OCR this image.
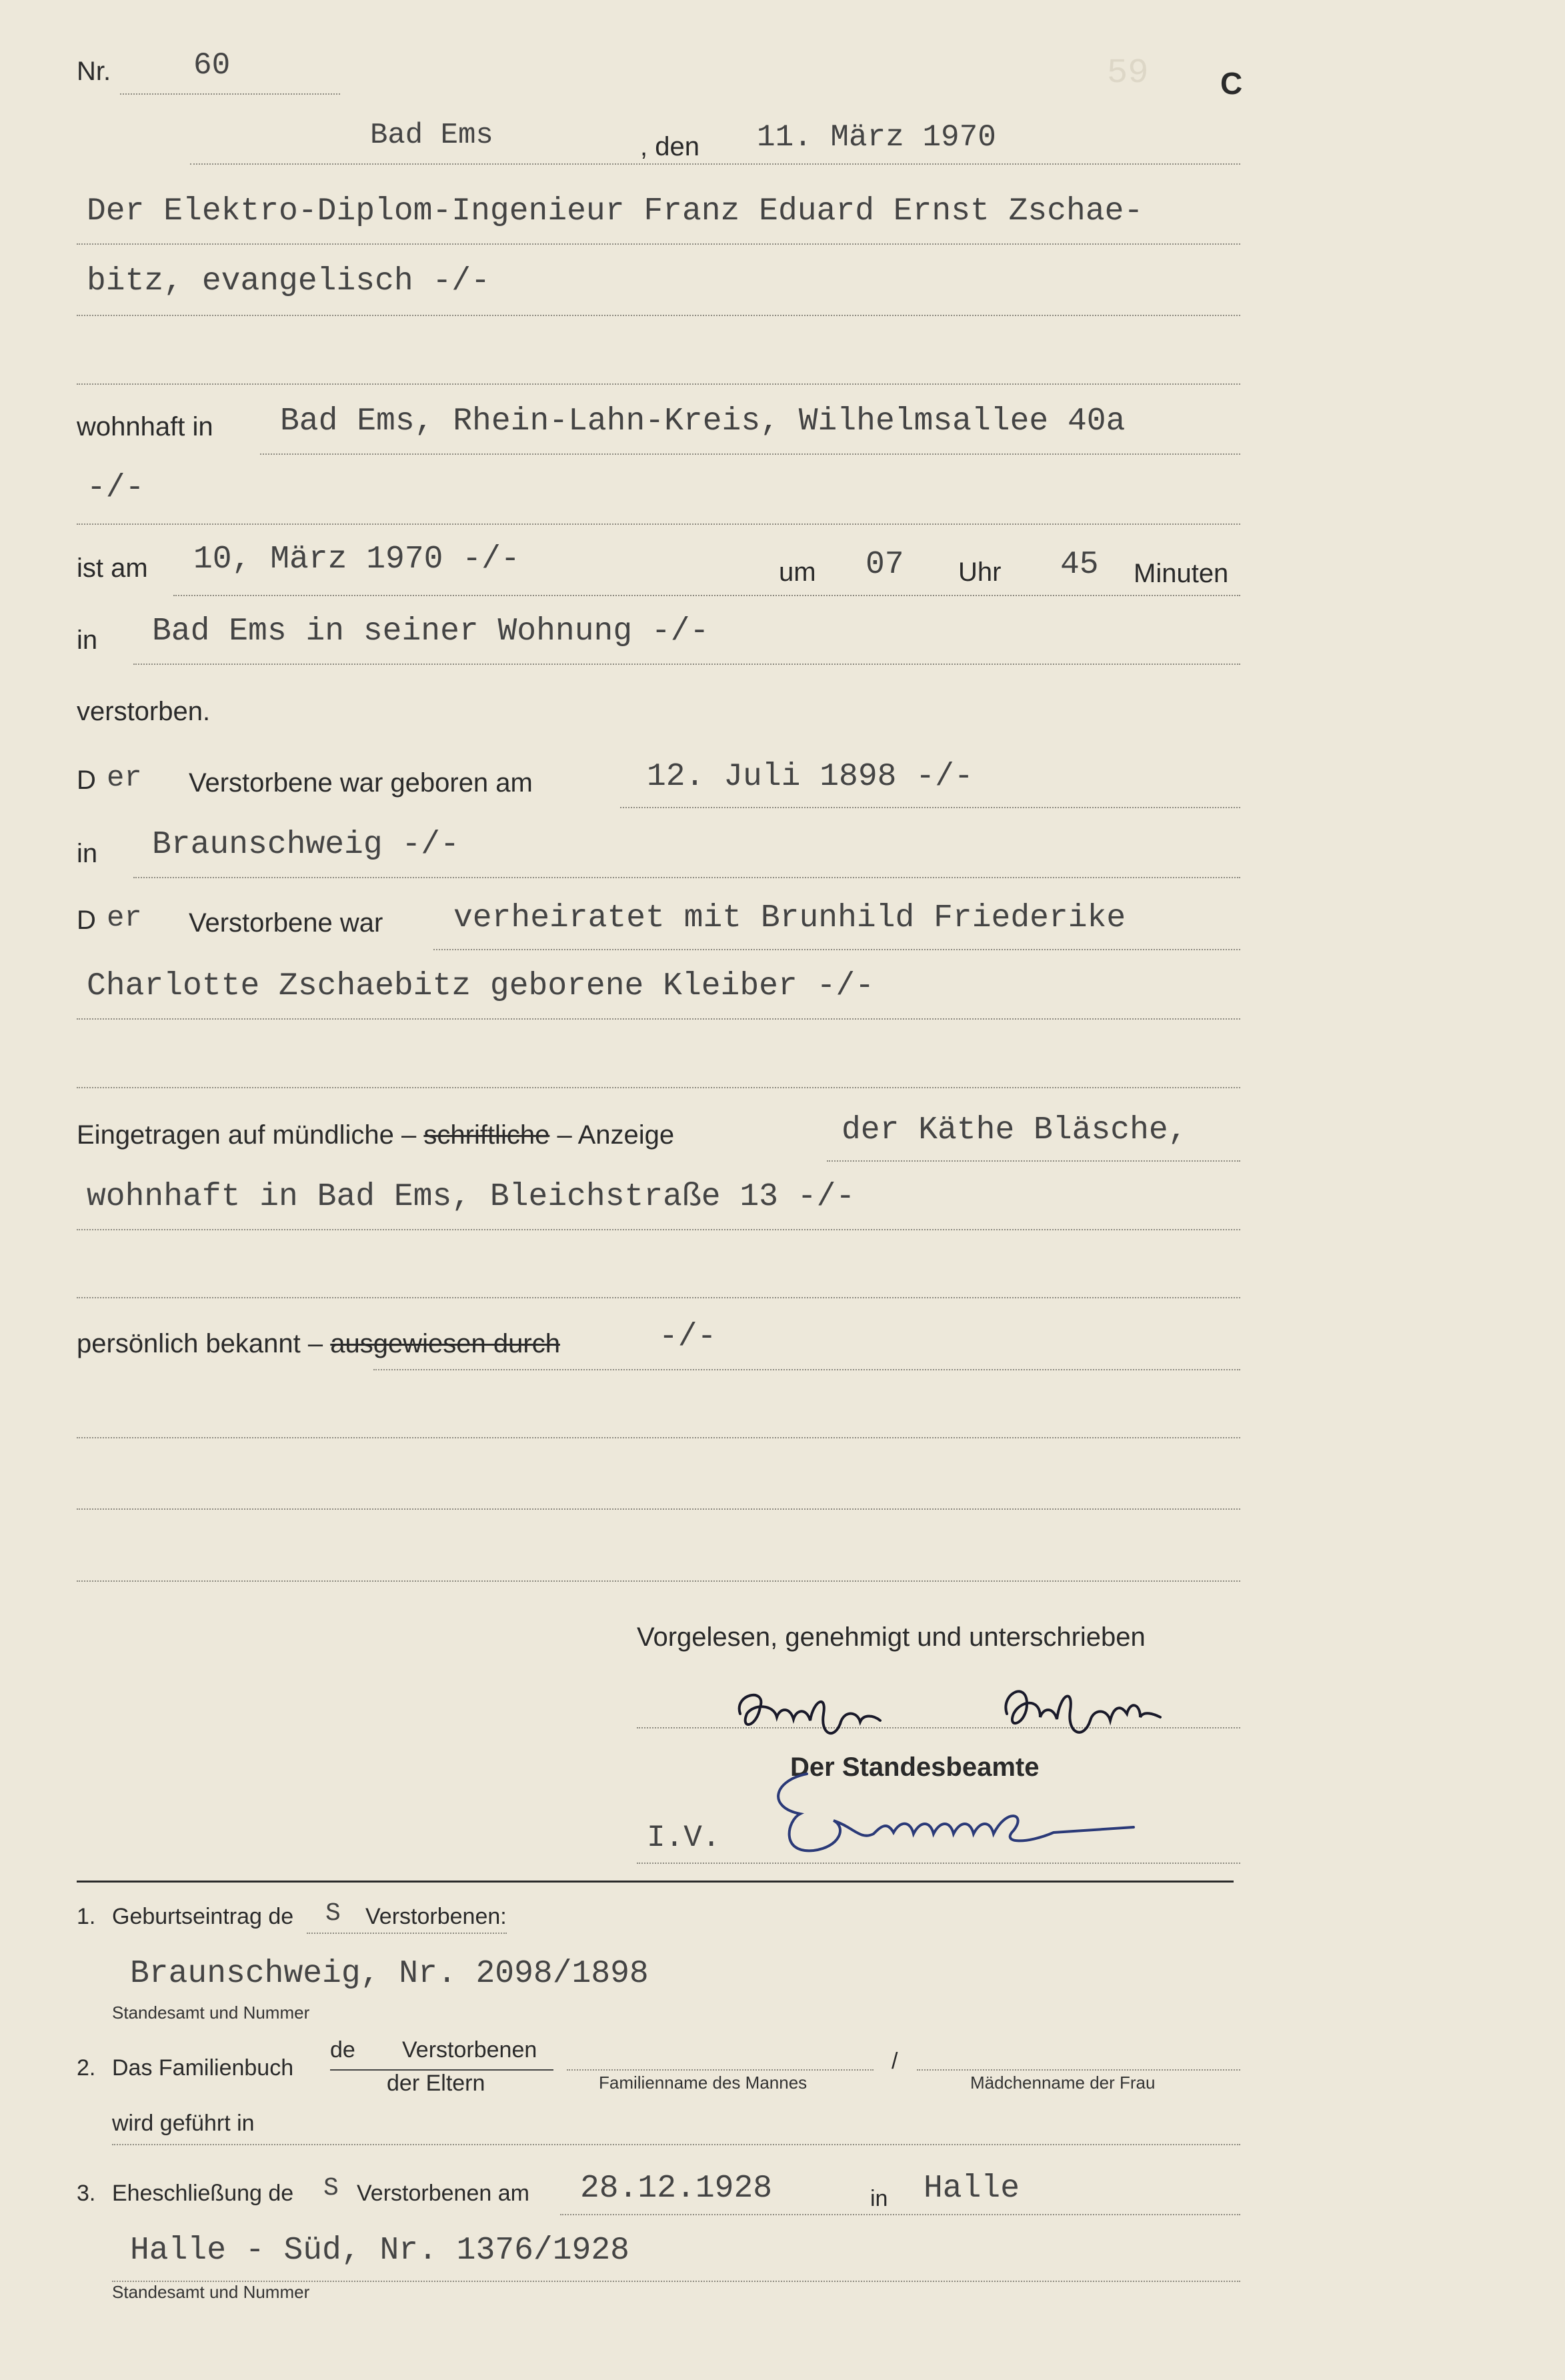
59
Nr.	60
C
Bad Ems	, den 11. März 1970
Der Elektro-Diplom-Ingenieur Franz Eduard Ernst Zschae-
bitz, evangelisch -/-
wohnhaft in Bad Ems, Rhein-Lahn-Kreis, Wilhelmsallee 40a
-/-
ist am 10, März 1970 -/-	um 07 Uhr 45 Minuten
in Bad Ems in seiner Wohnung -/-
verstorben.
D er Verstorbene war geboren am	12. Juli 1898 -/-
in Braunschweig -/-
D er Verstorbene war verheiratet mit Brunhild Friederike
Charlotte Zschaebitz geborene Kleiber -/-
Eingetragen auf mündliche – schriftliche – Anzeige	der Käthe Bläsche,
wohnhaft in Bad Ems, Bleichstraße 13 -/-
persönlich bekannt – ausgewiesen durch	-/-
Vorgelesen, genehmigt und unterschrieben
Der Standesbeamte
I.V.
1. Geburtseintrag de S Verstorbenen:
Braunschweig, Nr. 2098/1898
Standesamt und Nummer
2. Das Familienbuch
de Verstorbenen
der Eltern	Familienname des Mannes
/
Mädchenname der Frau
wird geführt in
3. Eheschließung de S Verstorbenen am 28.12.1928	in Halle
Halle - Süd, Nr. 1376/1928
Standesamt und Nummer
